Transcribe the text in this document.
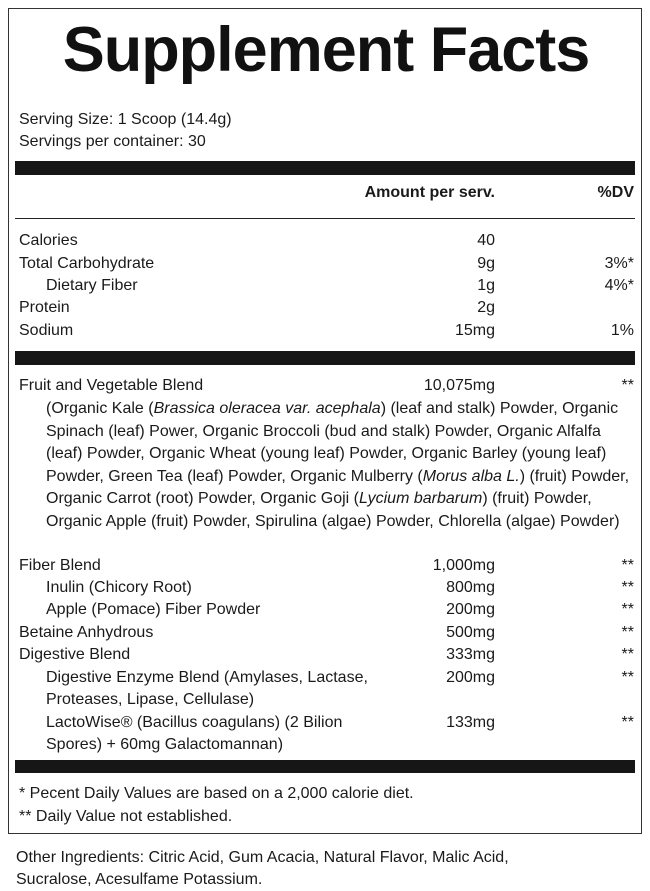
Supplement Facts
Serving Size: 1 Scoop (14.4g)
Servings per container: 30
Amount per serv.	%DV
Calories	40
Total Carbohydrate	9g	3%*
Dietary Fiber	1g	4%*
Protein	2g
Sodium	15mg	1%
Fruit and Vegetable Blend	10,075mg	**
(Organic Kale (Brassica oleracea var. acephala) (leaf and stalk) Powder, Organic Spinach (leaf) Power, Organic Broccoli (bud and stalk) Powder, Organic Alfalfa (leaf) Powder, Organic Wheat (young leaf) Powder, Organic Barley (young leaf) Powder, Green Tea (leaf) Powder, Organic Mulberry (Morus alba L.) (fruit) Powder, Organic Carrot (root) Powder, Organic Goji (Lycium barbarum) (fruit) Powder, Organic Apple (fruit) Powder, Spirulina (algae) Powder, Chlorella (algae) Powder)
Fiber Blend	1,000mg	**
Inulin (Chicory Root)	800mg	**
Apple (Pomace) Fiber Powder	200mg	**
Betaine Anhydrous	500mg	**
Digestive Blend	333mg	**
Digestive Enzyme Blend (Amylases, Lactase,
Proteases, Lipase, Cellulase)
200mg	**
LactoWise® (Bacillus coagulans) (2 Bilion
Spores) + 60mg Galactomannan)
133mg	**
* Pecent Daily Values are based on a 2,000 calorie diet.
** Daily Value not established.
Other Ingredients: Citric Acid, Gum Acacia, Natural Flavor, Malic Acid,
Sucralose, Acesulfame Potassium.
